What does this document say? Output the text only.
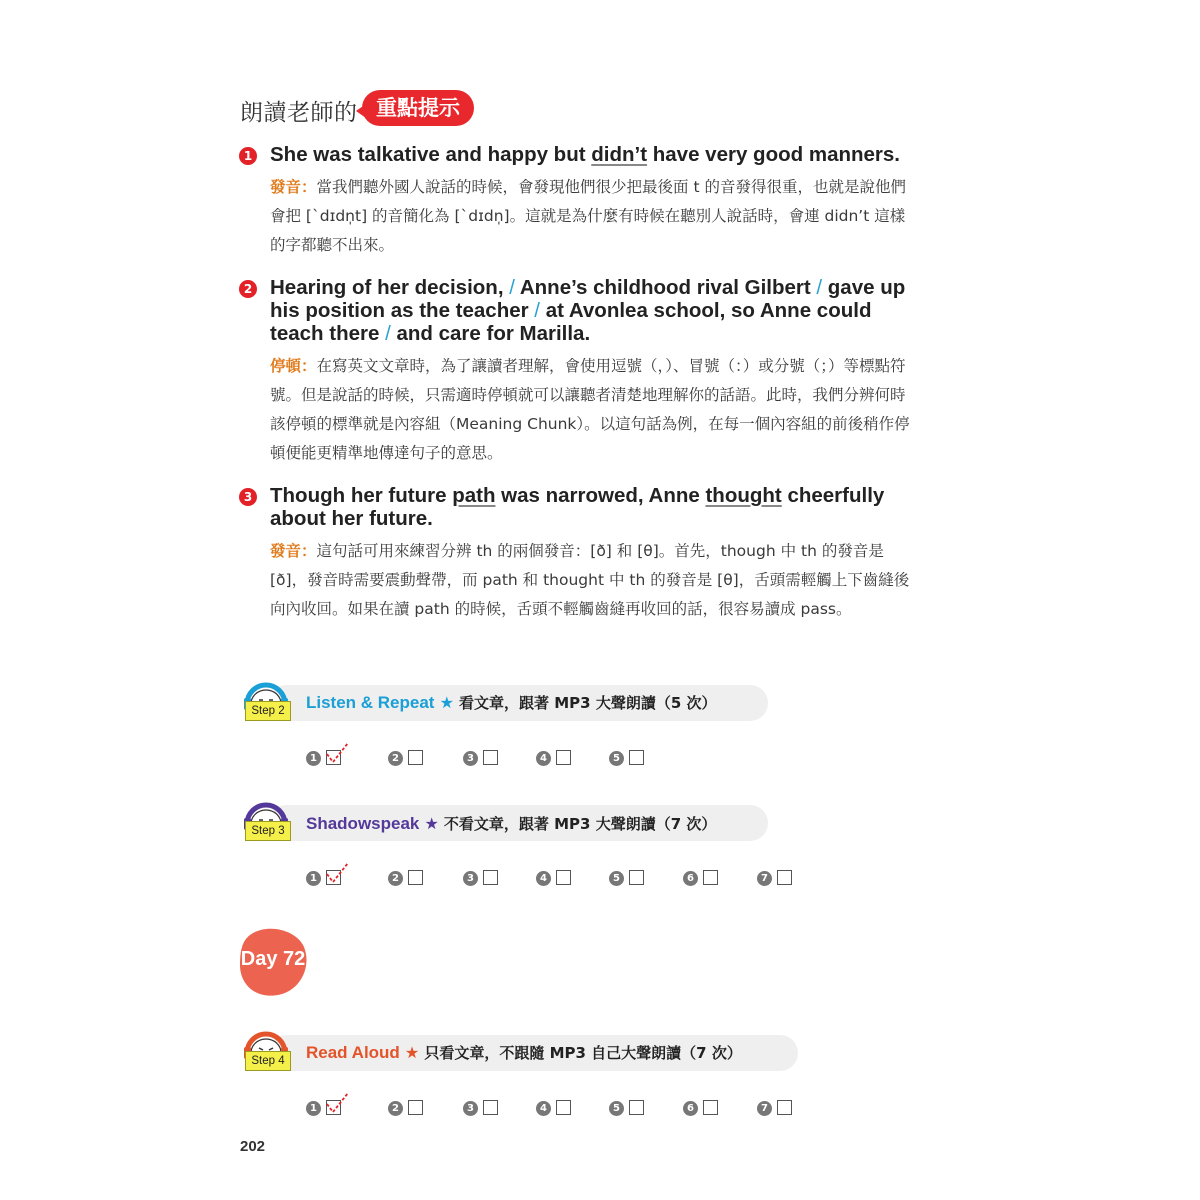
朗讀老師的 重點提示
1 She was talkative and happy but didn’t have very good manners.
發音：當我們聽外國人說話的時候，會發現他們很少把最後面 t 的音發得很重，也就是說他們會把 [ˋdɪdn̩t] 的音簡化為 [ˋdɪdn̩]。這就是為什麼有時候在聽別人說話時，會連 didn’t 這樣的字都聽不出來。
2 Hearing of her decision, / Anne’s childhood rival Gilbert / gave up his position as the teacher / at Avonlea school, so Anne could teach there / and care for Marilla.
停頓：在寫英文文章時，為了讓讀者理解，會使用逗號（，）、冒號（：）或分號（；）等標點符號。但是說話的時候，只需適時停頓就可以讓聽者清楚地理解你的話語。此時，我們分辨何時該停頓的標準就是內容組（Meaning Chunk）。以這句話為例，在每一個內容組的前後稍作停頓便能更精準地傳達句子的意思。
3 Though her future path was narrowed, Anne thought cheerfully about her future.
發音：這句話可用來練習分辨 th 的兩個發音：[ð] 和 [θ]。首先，though 中 th 的發音是 [ð]，發音時需要震動聲帶，而 path 和 thought 中 th 的發音是 [θ]，舌頭需輕觸上下齒縫後向內收回。如果在讀 path 的時候，舌頭不輕觸齒縫再收回的話，很容易讀成 pass。
Step 2	Listen & Repeat ★ 看文章，跟著 MP3 大聲朗讀（5 次）
1	2	3	4	5
Step 3	Shadowspeak ★ 不看文章，跟著 MP3 大聲朗讀（7 次）
1	2	3	4	5	6	7
Day 72
Step 4	Read Aloud ★ 只看文章，不跟隨 MP3 自己大聲朗讀（7 次）
1	2	3	4	5	6	7
202
